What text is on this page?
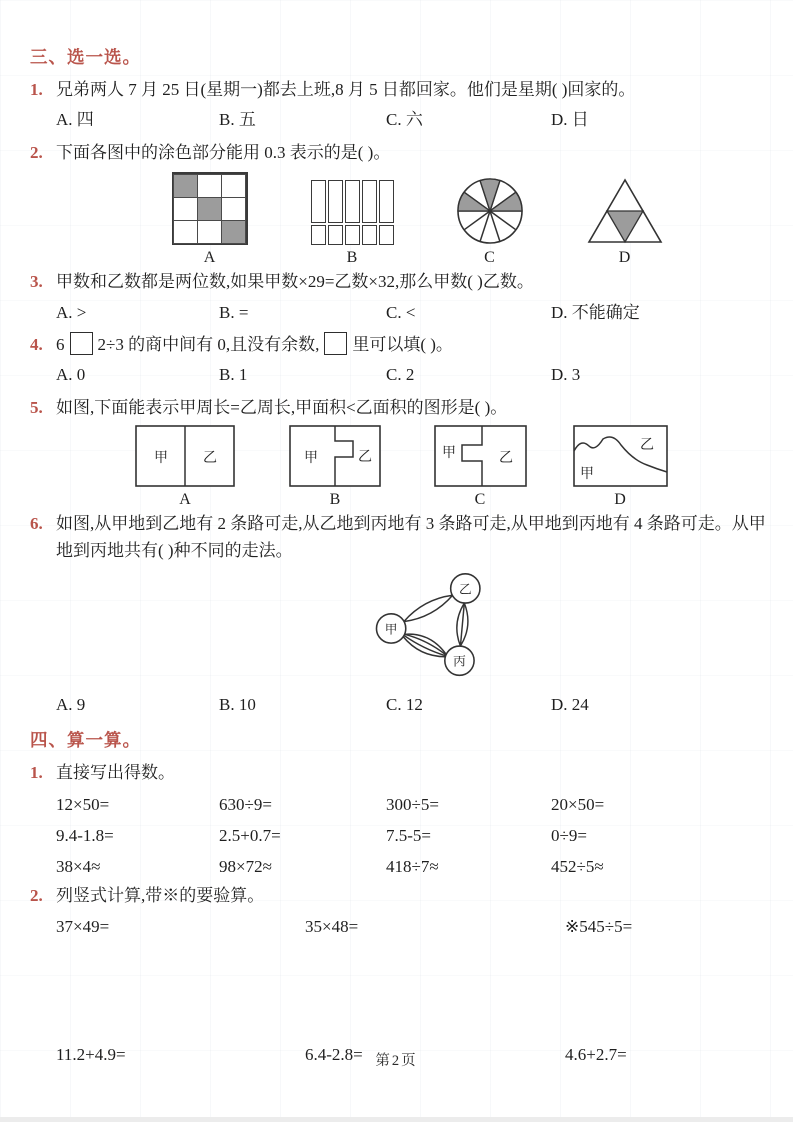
三、选一选。
1. 兄弟两人 7 月 25 日(星期一)都去上班,8 月 5 日都回家。他们是星期( )回家的。
A. 四	B. 五	C. 六	D. 日
2. 下面各图中的涂色部分能用 0.3 表示的是( )。
A	B	C	D
3. 甲数和乙数都是两位数,如果甲数×29=乙数×32,那么甲数( )乙数。
A. >	B. =	C. <	D. 不能确定
4. 6 2÷3 的商中间有 0,且没有余数, 里可以填( )。
A. 0	B. 1	C. 2	D. 3
5. 如图,下面能表示甲周长=乙周长,甲面积<乙面积的图形是( )。
甲	乙
A
甲	乙
B
甲	乙
C
甲
乙
D
6. 如图,从甲地到乙地有 2 条路可走,从乙地到丙地有 3 条路可走,从甲地到丙地有 4 条路可走。从甲地到丙地共有( )种不同的走法。
甲
乙
丙
A. 9	B. 10	C. 12	D. 24
四、算一算。
1. 直接写出得数。
12×50=	630÷9=	300÷5=	20×50=
9.4-1.8=	2.5+0.7=	7.5-5=	0÷9=
38×4≈	98×72≈	418÷7≈	452÷5≈
2. 列竖式计算,带※的要验算。
37×49=	35×48=	※545÷5=
11.2+4.9=	6.4-2.8=	4.6+2.7=
第2页
